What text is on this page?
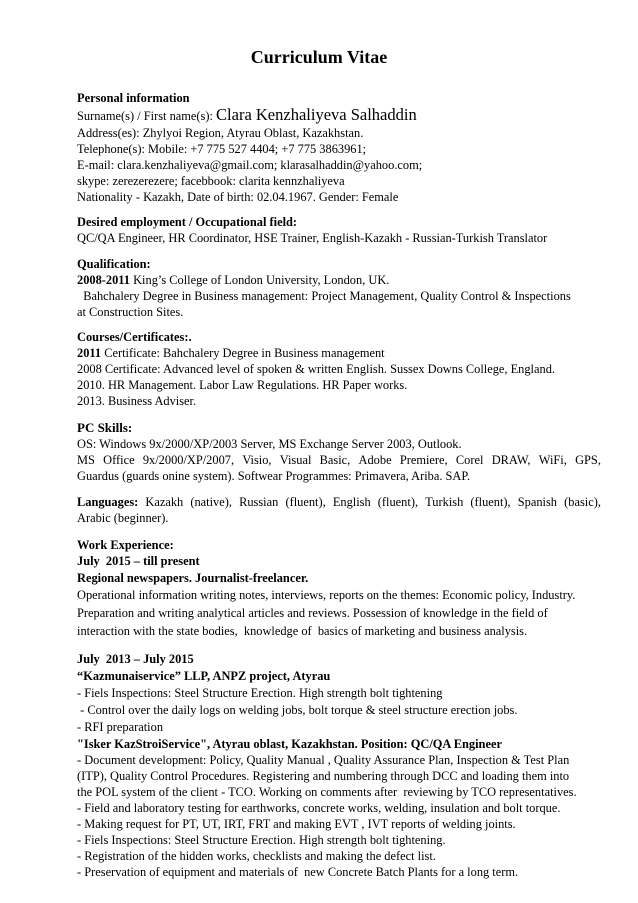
Curriculum Vitae
Personal information
Surname(s) / First name(s): Clara Kenzhaliyeva Salhaddin
Address(es): Zhylyoi Region, Atyrau Oblast, Kazakhstan.
Telephone(s): Mobile: +7 775 527 4404; +7 775 3863961;
E-mail: clara.kenzhaliyeva@gmail.com; klarasalhaddin@yahoo.com;
skype: zerezerezere; facebbook: clarita kennzhaliyeva
Nationality - Kazakh, Date of birth: 02.04.1967. Gender: Female
Desired employment / Occupational field:
QC/QA Engineer, HR Coordinator, HSE Trainer, English-Kazakh - Russian-Turkish Translator
Qualification:
2008-2011 King’s College of London University, London, UK.
Bahchalery Degree in Business management: Project Management, Quality Control & Inspections
at Construction Sites.
Courses/Certificates:.
2011 Certificate: Bahchalery Degree in Business management
2008 Certificate: Advanced level of spoken & written English. Sussex Downs College, England.
2010. HR Management. Labor Law Regulations. HR Paper works.
2013. Business Adviser.
PC Skills:
OS: Windows 9x/2000/XP/2003 Server, MS Exchange Server 2003, Outlook.
MS Office 9x/2000/XP/2007, Visio, Visual Basic, Adobe Premiere, Corel DRAW, WiFi, GPS,
Guardus (guards onine system). Softwear Programmes: Primavera, Ariba. SAP.
Languages: Kazakh (native), Russian (fluent), English (fluent), Turkish (fluent), Spanish (basic),
Arabic (beginner).
Work Experience:
July  2015 – till present
Regional newspapers. Journalist-freelancer.
Operational information writing notes, interviews, reports on the themes: Economic policy, Industry.
Preparation and writing analytical articles and reviews. Possession of knowledge in the field of
interaction with the state bodies,  knowledge of  basics of marketing and business analysis.
July  2013 – July 2015
“Kazmunaiservice” LLP, ANPZ project, Atyrau
- Fiels Inspections: Steel Structure Erection. High strength bolt tightening
- Control over the daily logs on welding jobs, bolt torque & steel structure erection jobs.
- RFI preparation
"Isker KazStroiService", Atyrau oblast, Kazakhstan. Position: QC/QA Engineer
- Document development: Policy, Quality Manual , Quality Assurance Plan, Inspection & Test Plan
(ITP), Quality Control Procedures. Registering and numbering through DCC and loading them into
the POL system of the client - TCO. Working on comments after  reviewing by TCO representatives.
- Field and laboratory testing for earthworks, concrete works, welding, insulation and bolt torque.
- Making request for PT, UT, IRT, FRT and making EVT , IVT reports of welding joints.
- Fiels Inspections: Steel Structure Erection. High strength bolt tightening.
- Registration of the hidden works, checklists and making the defect list.
- Preservation of equipment and materials of  new Concrete Batch Plants for a long term.
